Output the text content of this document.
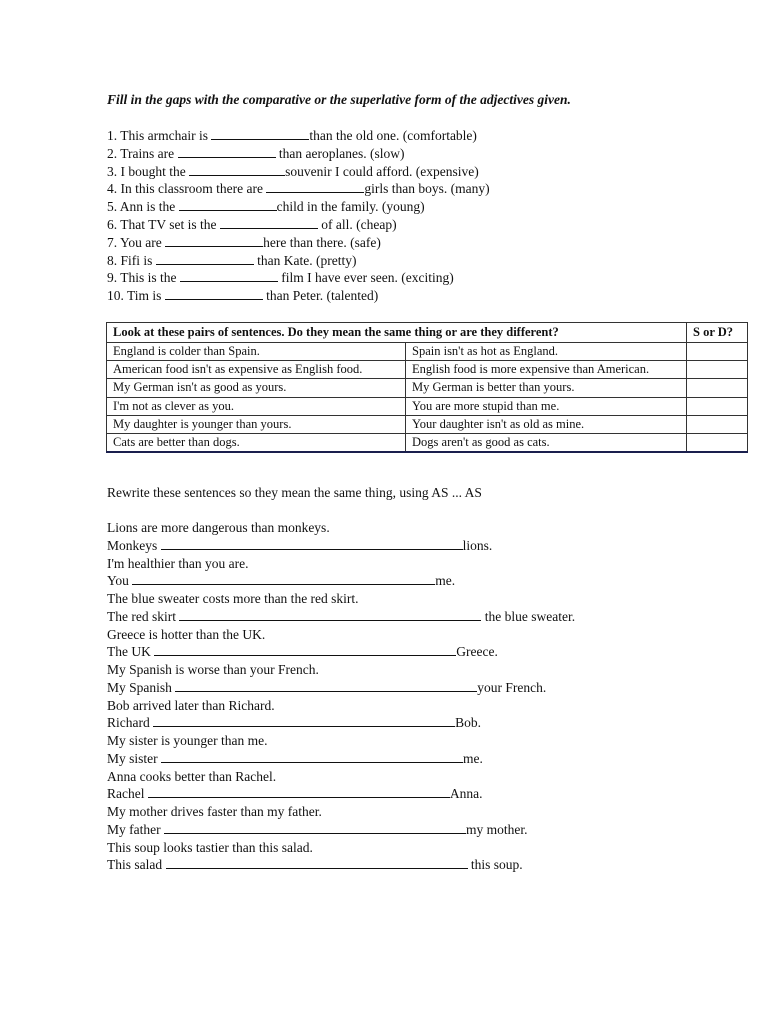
Fill in the gaps with the comparative or the superlative form of the adjectives given.
1. This armchair is	than the old one. (comfortable)
2. Trains are	than aeroplanes. (slow)
3. I bought the	souvenir I could afford. (expensive)
4. In this classroom there are	girls than boys. (many)
5. Ann is the	child in the family. (young)
6. That TV set is the	of all. (cheap)
7. You are	here than there. (safe)
8. Fifi is	than Kate. (pretty)
9. This is the	film I have ever seen. (exciting)
10. Tim is	than Peter. (talented)
Look at these pairs of sentences. Do they mean the same thing or are they different?		S or D?
England is colder than Spain.	Spain isn't as hot as England.	
American food isn't as expensive as English food.	English food is more expensive than American.	
My German isn't as good as yours.	My German is better than yours.	
I'm not as clever as you.	You are more stupid than me.	
My daughter is younger than yours.	Your daughter isn't as old as mine.	
Cats are better than dogs.	Dogs aren't as good as cats.	
Rewrite these sentences so they mean the same thing, using AS ... AS
Lions are more dangerous than monkeys.
Monkeys	lions.
I'm healthier than you are.
You	me.
The blue sweater costs more than the red skirt.
The red skirt	the blue sweater.
Greece is hotter than the UK.
The UK	Greece.
My Spanish is worse than your French.
My Spanish	your French.
Bob arrived later than Richard.
Richard	Bob.
My sister is younger than me.
My sister	me.
Anna cooks better than Rachel.
Rachel	Anna.
My mother drives faster than my father.
My father	my mother.
This soup looks tastier than this salad.
This salad	this soup.
